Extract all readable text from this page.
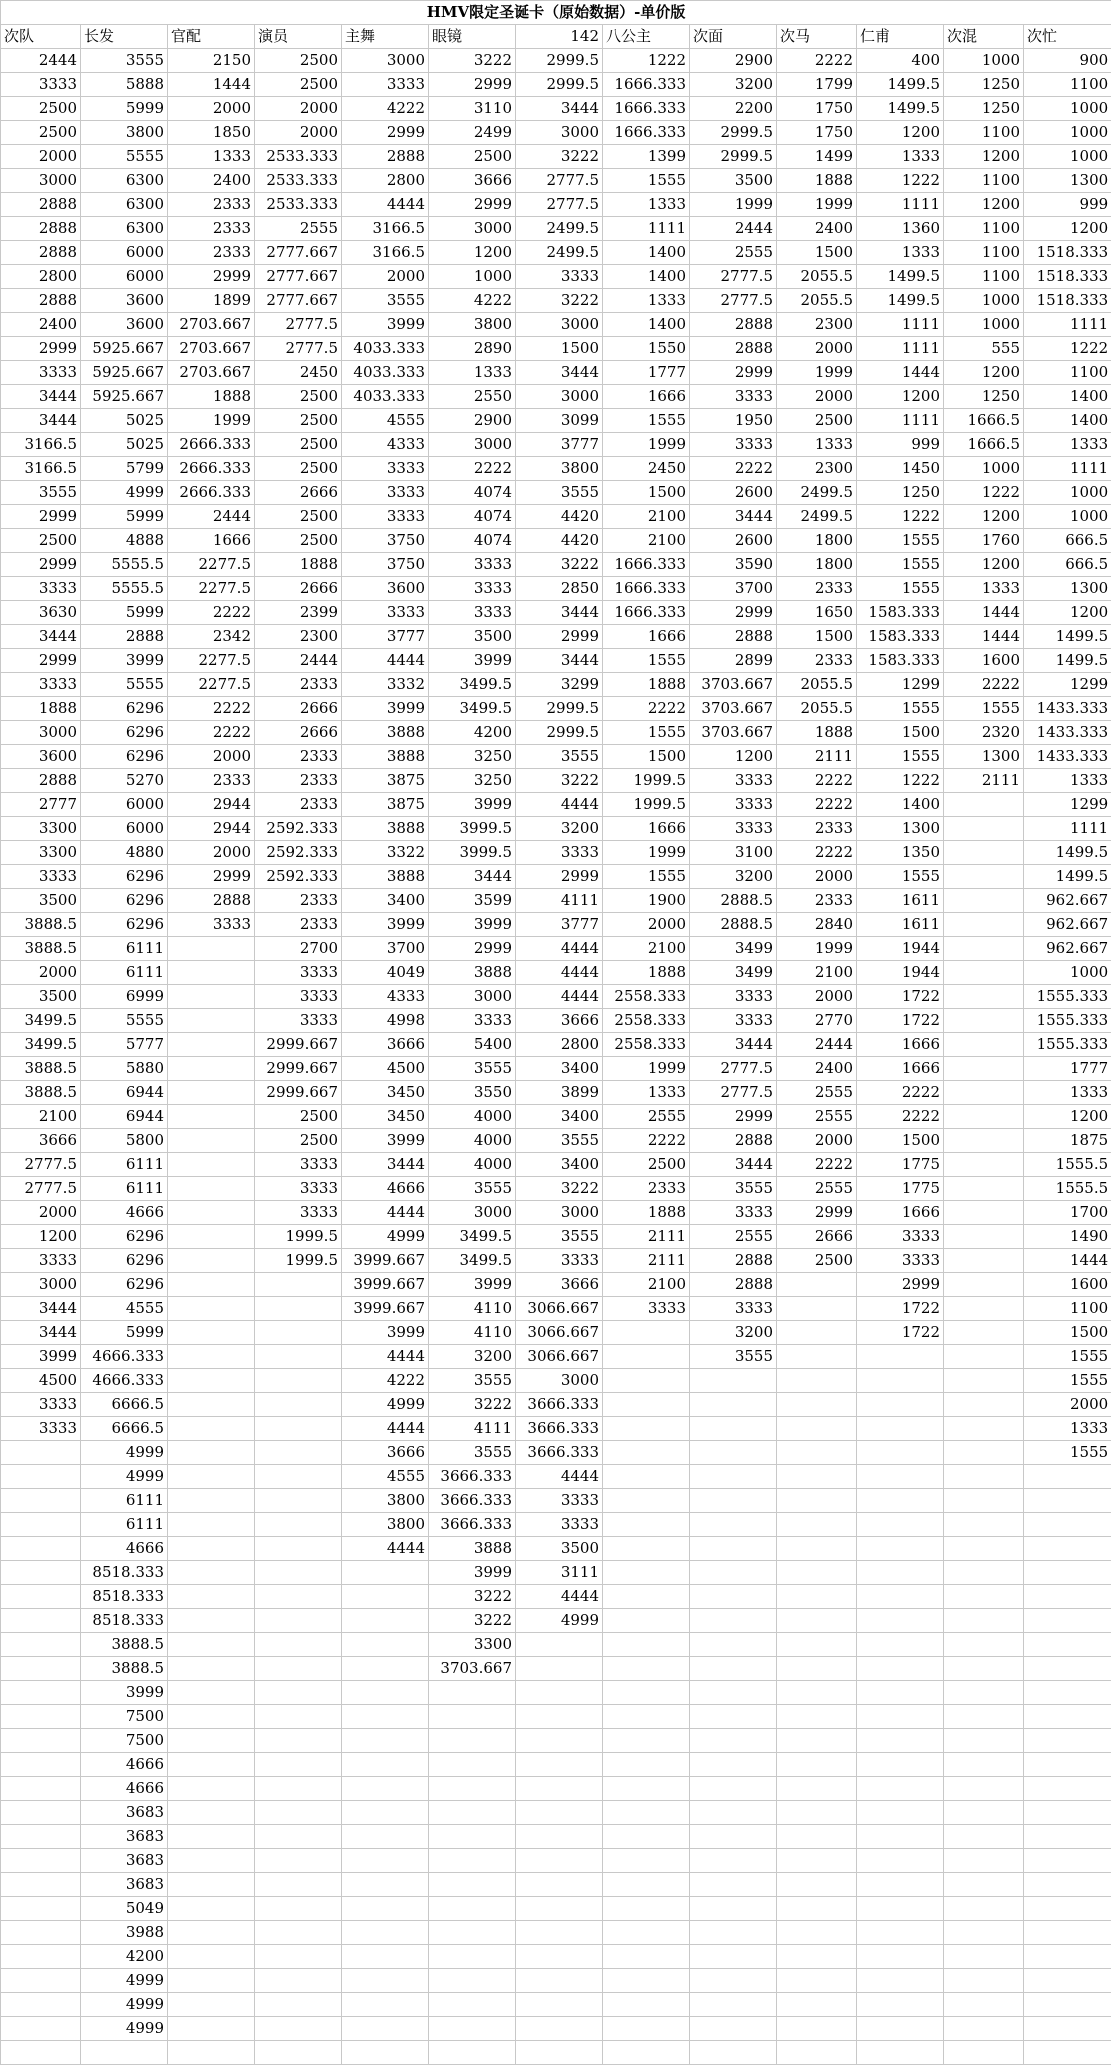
HMV限定圣诞卡（原始数据）-单价版												
次队	长发	官配	演员	主舞	眼镜	142	八公主	次面	次马	仁甫	次混	次忙
2444	3555	2150	2500	3000	3222	2999.5	1222	2900	2222	400	1000	900
3333	5888	1444	2500	3333	2999	2999.5	1666.333	3200	1799	1499.5	1250	1100
2500	5999	2000	2000	4222	3110	3444	1666.333	2200	1750	1499.5	1250	1000
2500	3800	1850	2000	2999	2499	3000	1666.333	2999.5	1750	1200	1100	1000
2000	5555	1333	2533.333	2888	2500	3222	1399	2999.5	1499	1333	1200	1000
3000	6300	2400	2533.333	2800	3666	2777.5	1555	3500	1888	1222	1100	1300
2888	6300	2333	2533.333	4444	2999	2777.5	1333	1999	1999	1111	1200	999
2888	6300	2333	2555	3166.5	3000	2499.5	1111	2444	2400	1360	1100	1200
2888	6000	2333	2777.667	3166.5	1200	2499.5	1400	2555	1500	1333	1100	1518.333
2800	6000	2999	2777.667	2000	1000	3333	1400	2777.5	2055.5	1499.5	1100	1518.333
2888	3600	1899	2777.667	3555	4222	3222	1333	2777.5	2055.5	1499.5	1000	1518.333
2400	3600	2703.667	2777.5	3999	3800	3000	1400	2888	2300	1111	1000	1111
2999	5925.667	2703.667	2777.5	4033.333	2890	1500	1550	2888	2000	1111	555	1222
3333	5925.667	2703.667	2450	4033.333	1333	3444	1777	2999	1999	1444	1200	1100
3444	5925.667	1888	2500	4033.333	2550	3000	1666	3333	2000	1200	1250	1400
3444	5025	1999	2500	4555	2900	3099	1555	1950	2500	1111	1666.5	1400
3166.5	5025	2666.333	2500	4333	3000	3777	1999	3333	1333	999	1666.5	1333
3166.5	5799	2666.333	2500	3333	2222	3800	2450	2222	2300	1450	1000	1111
3555	4999	2666.333	2666	3333	4074	3555	1500	2600	2499.5	1250	1222	1000
2999	5999	2444	2500	3333	4074	4420	2100	3444	2499.5	1222	1200	1000
2500	4888	1666	2500	3750	4074	4420	2100	2600	1800	1555	1760	666.5
2999	5555.5	2277.5	1888	3750	3333	3222	1666.333	3590	1800	1555	1200	666.5
3333	5555.5	2277.5	2666	3600	3333	2850	1666.333	3700	2333	1555	1333	1300
3630	5999	2222	2399	3333	3333	3444	1666.333	2999	1650	1583.333	1444	1200
3444	2888	2342	2300	3777	3500	2999	1666	2888	1500	1583.333	1444	1499.5
2999	3999	2277.5	2444	4444	3999	3444	1555	2899	2333	1583.333	1600	1499.5
3333	5555	2277.5	2333	3332	3499.5	3299	1888	3703.667	2055.5	1299	2222	1299
1888	6296	2222	2666	3999	3499.5	2999.5	2222	3703.667	2055.5	1555	1555	1433.333
3000	6296	2222	2666	3888	4200	2999.5	1555	3703.667	1888	1500	2320	1433.333
3600	6296	2000	2333	3888	3250	3555	1500	1200	2111	1555	1300	1433.333
2888	5270	2333	2333	3875	3250	3222	1999.5	3333	2222	1222	2111	1333
2777	6000	2944	2333	3875	3999	4444	1999.5	3333	2222	1400		1299
3300	6000	2944	2592.333	3888	3999.5	3200	1666	3333	2333	1300		1111
3300	4880	2000	2592.333	3322	3999.5	3333	1999	3100	2222	1350		1499.5
3333	6296	2999	2592.333	3888	3444	2999	1555	3200	2000	1555		1499.5
3500	6296	2888	2333	3400	3599	4111	1900	2888.5	2333	1611		962.667
3888.5	6296	3333	2333	3999	3999	3777	2000	2888.5	2840	1611		962.667
3888.5	6111		2700	3700	2999	4444	2100	3499	1999	1944		962.667
2000	6111		3333	4049	3888	4444	1888	3499	2100	1944		1000
3500	6999		3333	4333	3000	4444	2558.333	3333	2000	1722		1555.333
3499.5	5555		3333	4998	3333	3666	2558.333	3333	2770	1722		1555.333
3499.5	5777		2999.667	3666	5400	2800	2558.333	3444	2444	1666		1555.333
3888.5	5880		2999.667	4500	3555	3400	1999	2777.5	2400	1666		1777
3888.5	6944		2999.667	3450	3550	3899	1333	2777.5	2555	2222		1333
2100	6944		2500	3450	4000	3400	2555	2999	2555	2222		1200
3666	5800		2500	3999	4000	3555	2222	2888	2000	1500		1875
2777.5	6111		3333	3444	4000	3400	2500	3444	2222	1775		1555.5
2777.5	6111		3333	4666	3555	3222	2333	3555	2555	1775		1555.5
2000	4666		3333	4444	3000	3000	1888	3333	2999	1666		1700
1200	6296		1999.5	4999	3499.5	3555	2111	2555	2666	3333		1490
3333	6296		1999.5	3999.667	3499.5	3333	2111	2888	2500	3333		1444
3000	6296			3999.667	3999	3666	2100	2888		2999		1600
3444	4555			3999.667	4110	3066.667	3333	3333		1722		1100
3444	5999			3999	4110	3066.667		3200		1722		1500
3999	4666.333			4444	3200	3066.667		3555				1555
4500	4666.333			4222	3555	3000						1555
3333	6666.5			4999	3222	3666.333						2000
3333	6666.5			4444	4111	3666.333						1333
	4999			3666	3555	3666.333						1555
	4999			4555	3666.333	4444						
	6111			3800	3666.333	3333						
	6111			3800	3666.333	3333						
	4666			4444	3888	3500						
	8518.333				3999	3111						
	8518.333				3222	4444						
	8518.333				3222	4999						
	3888.5				3300							
	3888.5				3703.667							
	3999											
	7500											
	7500											
	4666											
	4666											
	3683											
	3683											
	3683											
	3683											
	5049											
	3988											
	4200											
	4999											
	4999											
	4999											
